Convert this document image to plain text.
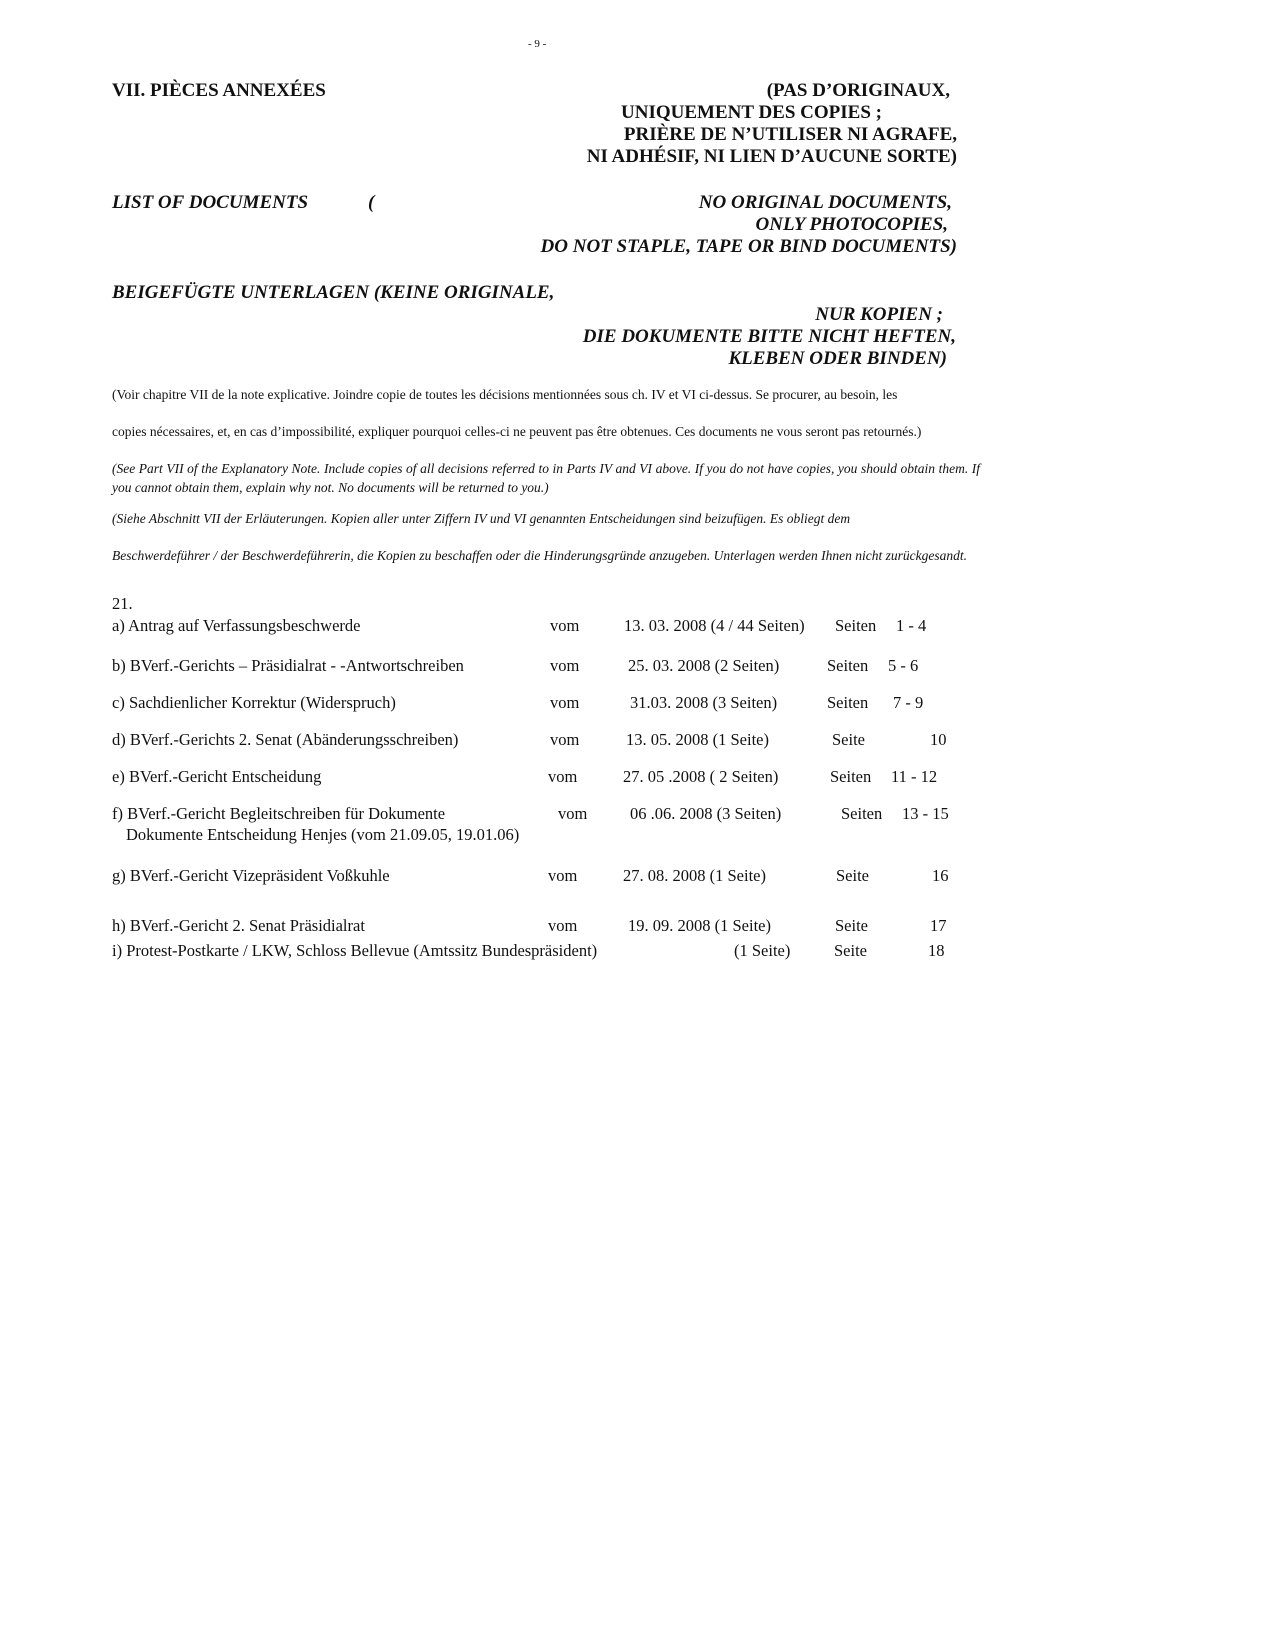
- 9 -
VII. PIÈCES ANNEXÉES	(PAS D’ORIGINAUX,
UNIQUEMENT DES COPIES ;
PRIÈRE DE N’UTILISER NI AGRAFE,
NI ADHÉSIF, NI LIEN D’AUCUNE SORTE)
LIST OF DOCUMENTS	(	NO ORIGINAL DOCUMENTS,
ONLY PHOTOCOPIES,
DO NOT STAPLE, TAPE OR BIND DOCUMENTS)
BEIGEFÜGTE UNTERLAGEN (KEINE ORIGINALE,
NUR KOPIEN ;
DIE DOKUMENTE BITTE NICHT HEFTEN,
KLEBEN ODER BINDEN)
(Voir chapitre VII de la note explicative. Joindre copie de toutes les décisions mentionnées sous ch. IV et VI ci-dessus. Se procurer, au besoin, les
copies nécessaires, et, en cas d’impossibilité, expliquer pourquoi celles-ci ne peuvent pas être obtenues. Ces documents ne vous seront pas retournés.)
(See Part VII of the Explanatory Note. Include copies of all decisions referred to in Parts IV and VI above. If you do not have copies, you should obtain them. If you cannot obtain them, explain why not. No documents will be returned to you.)
(Siehe Abschnitt VII der Erläuterungen. Kopien aller unter Ziffern IV und VI genannten Entscheidungen sind beizufügen. Es obliegt dem
Beschwerdeführer / der Beschwerdeführerin, die Kopien zu beschaffen oder die Hinderungsgründe anzugeben. Unterlagen werden Ihnen nicht zurückgesandt.
21.
a) Antrag auf Verfassungsbeschwerde	vom	13. 03. 2008 (4 / 44 Seiten) Seiten 1 - 4
b) BVerf.-Gerichts – Präsidialrat - -Antwortschreiben	vom	25. 03. 2008 (2 Seiten)	Seiten 5 - 6
c) Sachdienlicher Korrektur (Widerspruch)	vom	31.03. 2008 (3 Seiten)	Seiten 7 - 9
d) BVerf.-Gerichts 2. Senat (Abänderungsschreiben)	vom	13. 05. 2008 (1 Seite)	Seite	10
e) BVerf.-Gericht Entscheidung	vom	27. 05 .2008 ( 2 Seiten)	Seiten 11 - 12
f) BVerf.-Gericht Begleitschreiben für Dokumente
Dokumente Entscheidung Henjes (vom 21.09.05, 19.01.06)
vom	06 .06. 2008 (3 Seiten)	Seiten 13 - 15
g) BVerf.-Gericht Vizepräsident Voßkuhle	vom	27. 08. 2008 (1 Seite)	Seite	16
h) BVerf.-Gericht 2. Senat Präsidialrat	vom	19. 09. 2008 (1 Seite)	Seite	17
i) Protest-Postkarte / LKW, Schloss Bellevue (Amtssitz Bundespräsident)	(1 Seite)	Seite	18
